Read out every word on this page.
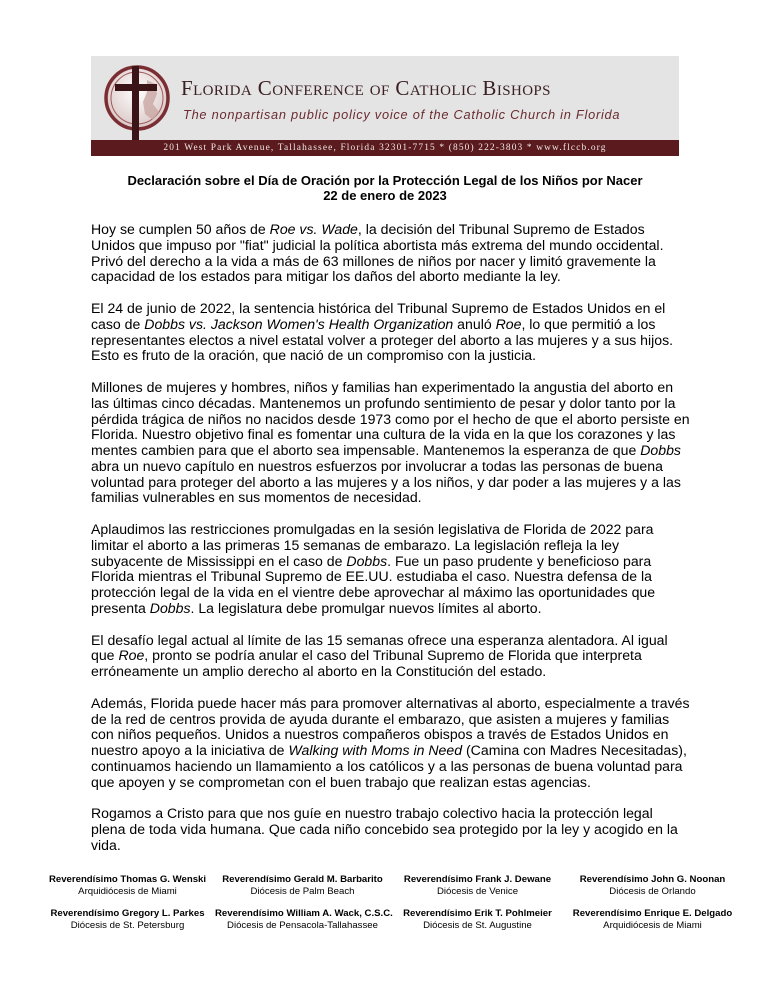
Florida Conference of Catholic Bishops
The nonpartisan public policy voice of the Catholic Church in Florida
201 West Park Avenue, Tallahassee, Florida 32301-7715 * (850) 222-3803 * www.flccb.org
Declaración sobre el Día de Oración por la Protección Legal de los Niños por Nacer
22 de enero de 2023

Hoy se cumplen 50 años de Roe vs. Wade, la decisión del Tribunal Supremo de Estados Unidos que impuso por "fiat" judicial la política abortista más extrema del mundo occidental. Privó del derecho a la vida a más de 63 millones de niños por nacer y limitó gravemente la capacidad de los estados para mitigar los daños del aborto mediante la ley.

El 24 de junio de 2022, la sentencia histórica del Tribunal Supremo de Estados Unidos en el caso de Dobbs vs. Jackson Women's Health Organization anuló Roe, lo que permitió a los representantes electos a nivel estatal volver a proteger del aborto a las mujeres y a sus hijos. Esto es fruto de la oración, que nació de un compromiso con la justicia.

Millones de mujeres y hombres, niños y familias han experimentado la angustia del aborto en las últimas cinco décadas. Mantenemos un profundo sentimiento de pesar y dolor tanto por la pérdida trágica de niños no nacidos desde 1973 como por el hecho de que el aborto persiste en Florida. Nuestro objetivo final es fomentar una cultura de la vida en la que los corazones y las mentes cambien para que el aborto sea impensable. Mantenemos la esperanza de que Dobbs abra un nuevo capítulo en nuestros esfuerzos por involucrar a todas las personas de buena voluntad para proteger del aborto a las mujeres y a los niños, y dar poder a las mujeres y a las familias vulnerables en sus momentos de necesidad.

Aplaudimos las restricciones promulgadas en la sesión legislativa de Florida de 2022 para limitar el aborto a las primeras 15 semanas de embarazo. La legislación refleja la ley subyacente de Mississippi en el caso de Dobbs. Fue un paso prudente y beneficioso para Florida mientras el Tribunal Supremo de EE.UU. estudiaba el caso. Nuestra defensa de la protección legal de la vida en el vientre debe aprovechar al máximo las oportunidades que presenta Dobbs. La legislatura debe promulgar nuevos límites al aborto.

El desafío legal actual al límite de las 15 semanas ofrece una esperanza alentadora. Al igual que Roe, pronto se podría anular el caso del Tribunal Supremo de Florida que interpreta erróneamente un amplio derecho al aborto en la Constitución del estado.

Además, Florida puede hacer más para promover alternativas al aborto, especialmente a través de la red de centros provida de ayuda durante el embarazo, que asisten a mujeres y familias con niños pequeños. Unidos a nuestros compañeros obispos a través de Estados Unidos en nuestro apoyo a la iniciativa de Walking with Moms in Need (Camina con Madres Necesitadas), continuamos haciendo un llamamiento a los católicos y a las personas de buena voluntad para que apoyen y se comprometan con el buen trabajo que realizan estas agencias.

Rogamos a Cristo para que nos guíe en nuestro trabajo colectivo hacia la protección legal plena de toda vida humana. Que cada niño concebido sea protegido por la ley y acogido en la vida.

Reverendísimo Thomas G. Wenski
Arquidiócesis de Miami
Reverendísimo Gerald M. Barbarito
Diócesis de Palm Beach
Reverendísimo Frank J. Dewane
Diócesis de Venice
Reverendísimo John G. Noonan
Diócesis de Orlando
Reverendísimo Gregory L. Parkes
Diócesis de St. Petersburg
Reverendísimo William A. Wack, C.S.C.
Diócesis de Pensacola-Tallahassee
Reverendísimo Erik T. Pohlmeier
Diócesis de St. Augustine
Reverendísimo Enrique E. Delgado
Arquidiócesis de Miami
